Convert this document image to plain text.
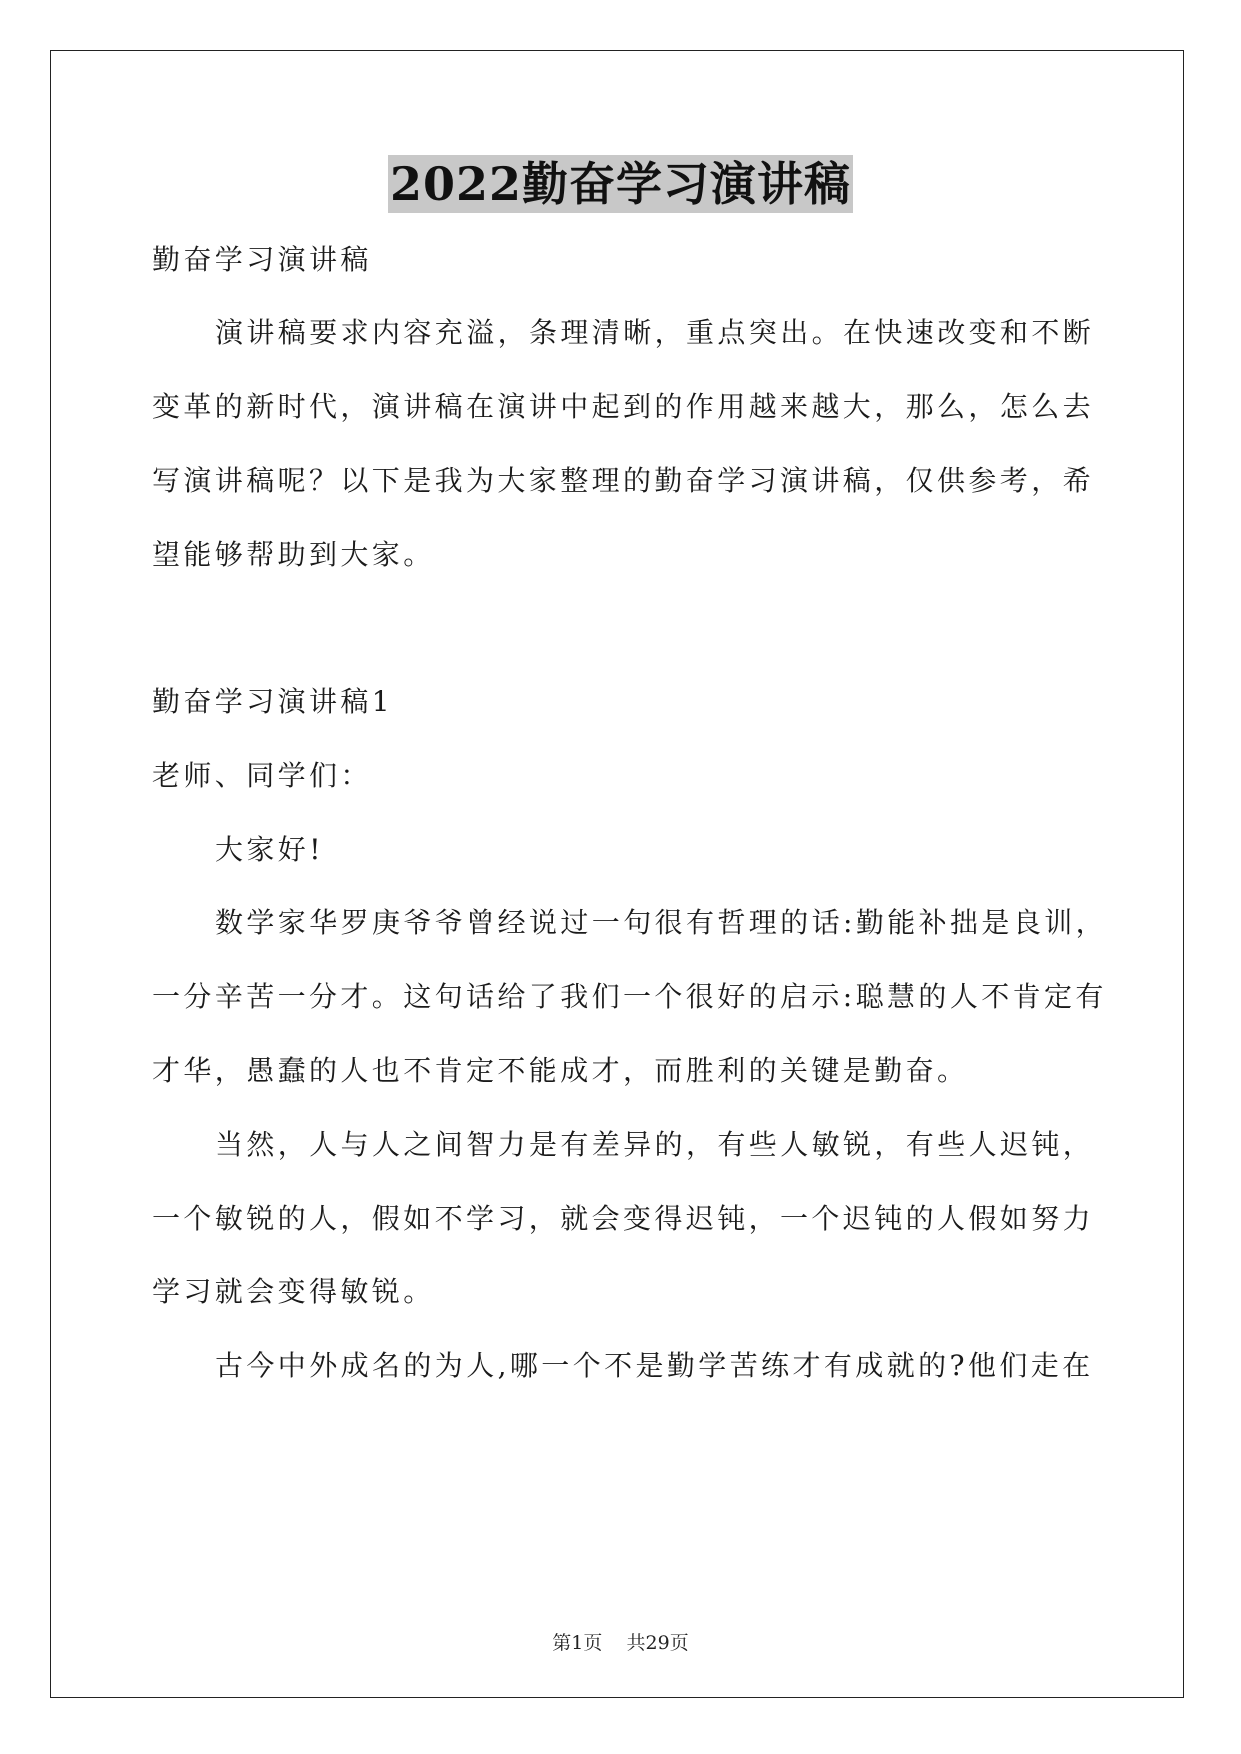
2022勤奋学习演讲稿
勤奋学习演讲稿
演讲稿要求内容充溢，条理清晰，重点突出。在快速改变和不断
变革的新时代，演讲稿在演讲中起到的作用越来越大，那么，怎么去
写演讲稿呢？以下是我为大家整理的勤奋学习演讲稿，仅供参考，希
望能够帮助到大家。
勤奋学习演讲稿1
老师、同学们：
大家好!
数学家华罗庚爷爷曾经说过一句很有哲理的话:勤能补拙是良训，
一分辛苦一分才。这句话给了我们一个很好的启示:聪慧的人不肯定有
才华，愚蠢的人也不肯定不能成才，而胜利的关键是勤奋。
当然，人与人之间智力是有差异的，有些人敏锐，有些人迟钝，
一个敏锐的人，假如不学习，就会变得迟钝，一个迟钝的人假如努力
学习就会变得敏锐。
古今中外成名的为人,哪一个不是勤学苦练才有成就的?他们走在
第1页 共29页
